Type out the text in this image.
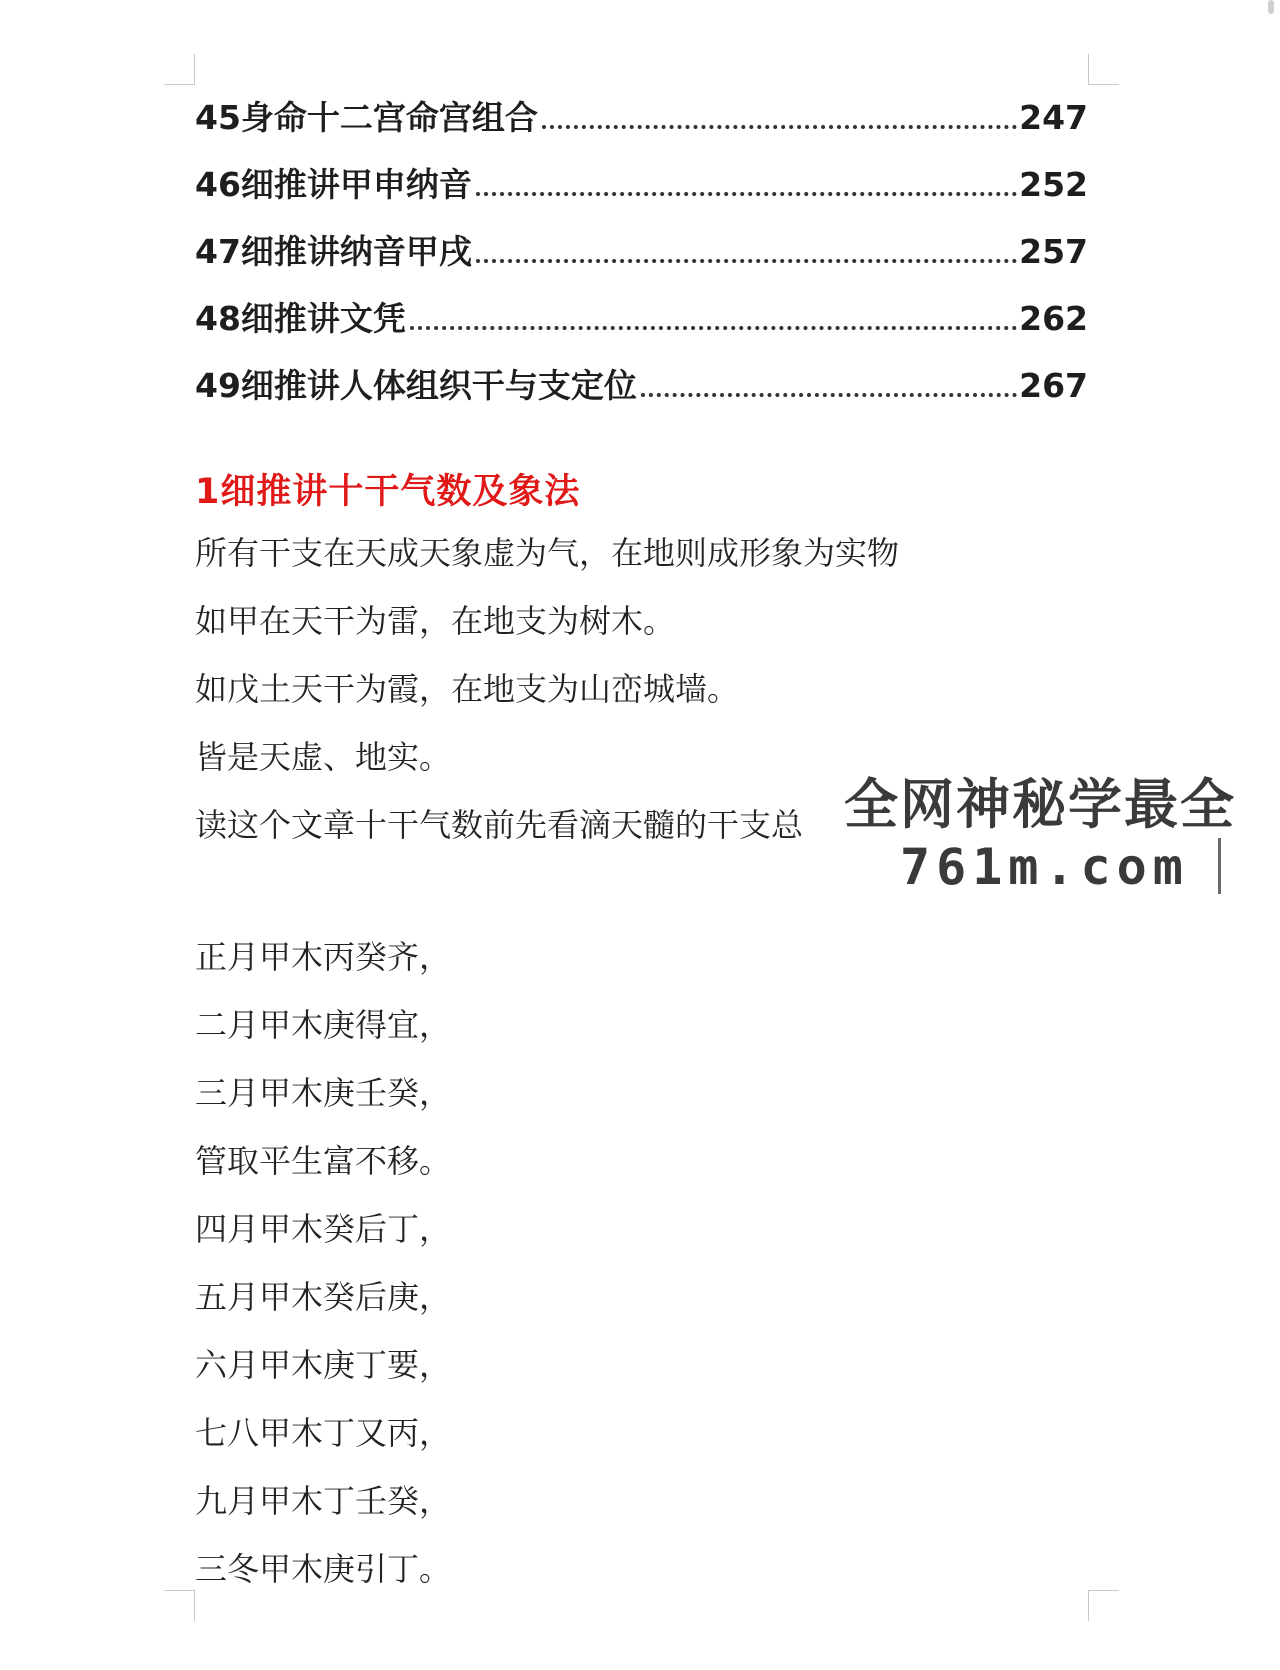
45身命十二宫命宫组合	247
46细推讲甲申纳音	252
47细推讲纳音甲戌	257
48细推讲文凭	262
49细推讲人体组织干与支定位	267
1细推讲十干气数及象法
所有干支在天成天象虚为气，在地则成形象为实物
如甲在天干为雷，在地支为树木。
如戊土天干为霞，在地支为山峦城墙。
皆是天虚、地实。
读这个文章十干气数前先看滴天髓的干支总
正月甲木丙癸齐，
二月甲木庚得宜，
三月甲木庚壬癸，
管取平生富不移。
四月甲木癸后丁，
五月甲木癸后庚，
六月甲木庚丁要，
七八甲木丁又丙，
九月甲木丁壬癸，
三冬甲木庚引丁。
全网神秘学最全
761m.com
